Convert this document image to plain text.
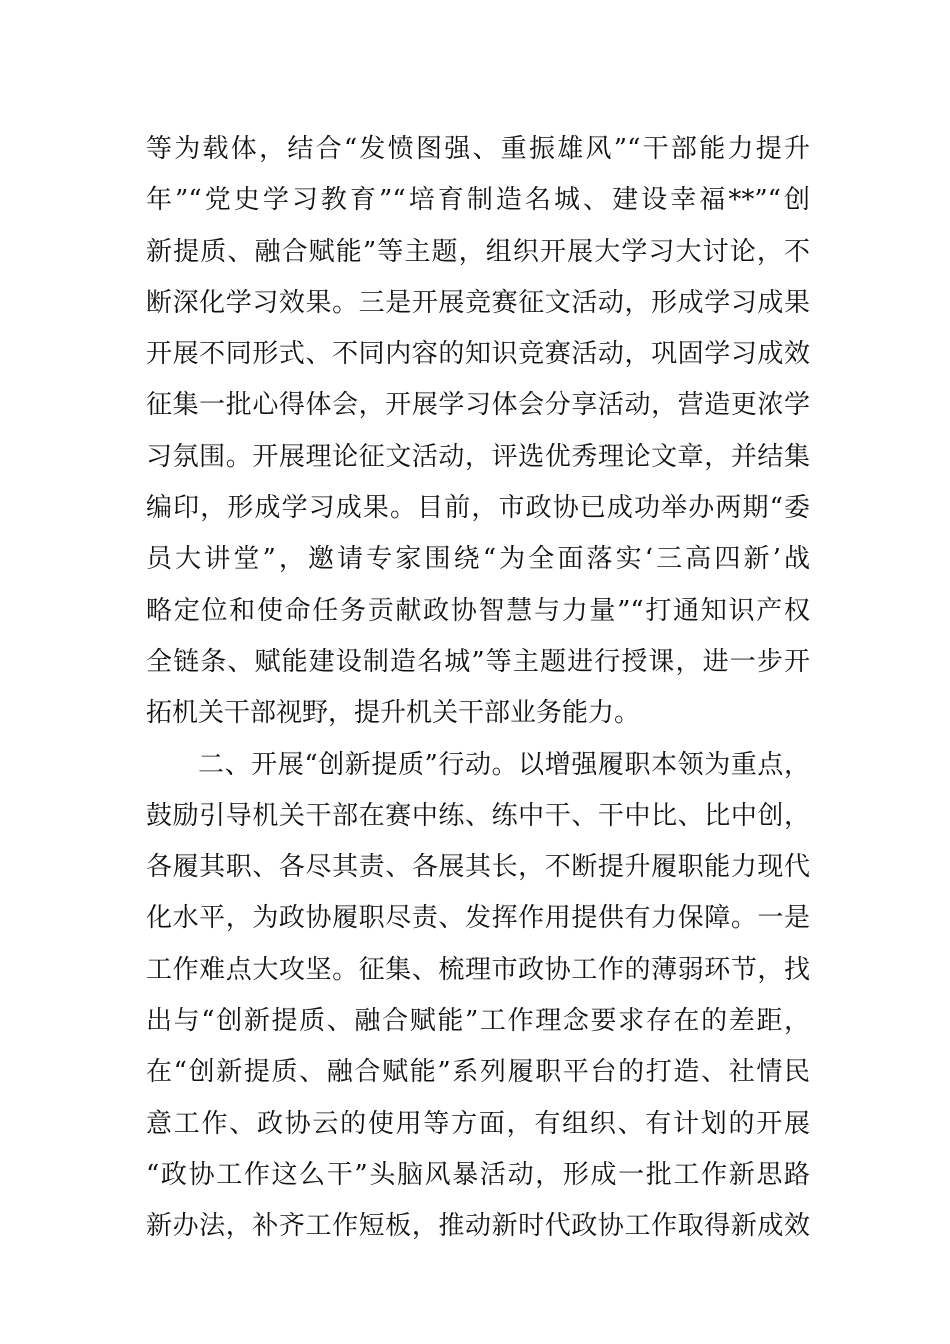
等为载体，结合“发愤图强、重振雄风”“干部能力提升
年”“党史学习教育”“培育制造名城、建设幸福**”“创
新提质、融合赋能”等主题，组织开展大学习大讨论，不
断深化学习效果。三是开展竞赛征文活动，形成学习成果
开展不同形式、不同内容的知识竞赛活动，巩固学习成效
征集一批心得体会，开展学习体会分享活动，营造更浓学
习氛围。开展理论征文活动，评选优秀理论文章，并结集
编印，形成学习成果。目前，市政协已成功举办两期“委
员大讲堂”，邀请专家围绕“为全面落实‘三高四新’战
略定位和使命任务贡献政协智慧与力量”“打通知识产权
全链条、赋能建设制造名城”等主题进行授课，进一步开
拓机关干部视野，提升机关干部业务能力。
二、开展“创新提质”行动。以增强履职本领为重点，
鼓励引导机关干部在赛中练、练中干、干中比、比中创，
各履其职、各尽其责、各展其长，不断提升履职能力现代
化水平，为政协履职尽责、发挥作用提供有力保障。一是
工作难点大攻坚。征集、梳理市政协工作的薄弱环节，找
出与“创新提质、融合赋能”工作理念要求存在的差距，
在“创新提质、融合赋能”系列履职平台的打造、社情民
意工作、政协云的使用等方面，有组织、有计划的开展
“政协工作这么干”头脑风暴活动，形成一批工作新思路
新办法，补齐工作短板，推动新时代政协工作取得新成效
